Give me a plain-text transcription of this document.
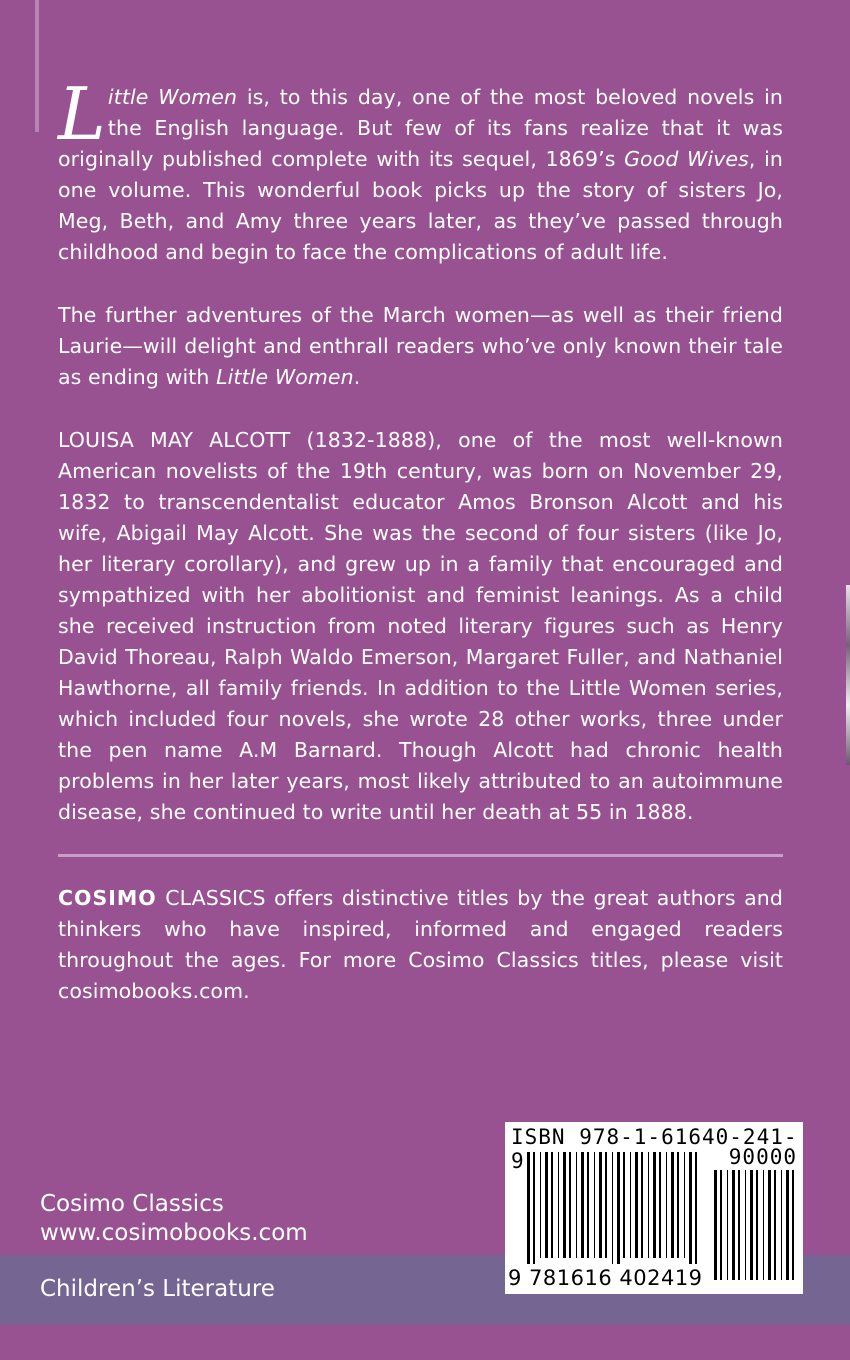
Little Women is, to this day, one of the most beloved novels in the English language. But few of its fans realize that it was originally published complete with its sequel, 1869’s Good Wives, in one volume. This wonderful book picks up the story of sisters Jo, Meg, Beth, and Amy three years later, as they’ve passed through childhood and begin to face the complications of adult life.
The further adventures of the March women—as well as their friend Laurie—will delight and enthrall readers who’ve only known their tale as ending with Little Women.
LOUISA MAY ALCOTT (1832-1888), one of the most well-known American novelists of the 19th century, was born on November 29, 1832 to transcendentalist educator Amos Bronson Alcott and his wife, Abigail May Alcott. She was the second of four sisters (like Jo, her literary corollary), and grew up in a family that encouraged and sympathized with her abolitionist and feminist leanings. As a child she received instruction from noted literary figures such as Henry David Thoreau, Ralph Waldo Emerson, Margaret Fuller, and Nathaniel Hawthorne, all family friends. In addition to the Little Women series, which included four novels, she wrote 28 other works, three under the pen name A.M Barnard. Though Alcott had chronic health problems in her later years, most likely attributed to an autoimmune disease, she continued to write until her death at 55 in 1888.
COSIMO CLASSICS offers distinctive titles by the great authors and thinkers who have inspired, informed and engaged readers throughout the ages. For more Cosimo Classics titles, please visit cosimobooks.com.
Cosimo Classics
www.cosimobooks.com
Children’s Literature
ISBN 978-1-61640-241-9	90000
9 781616 402419
